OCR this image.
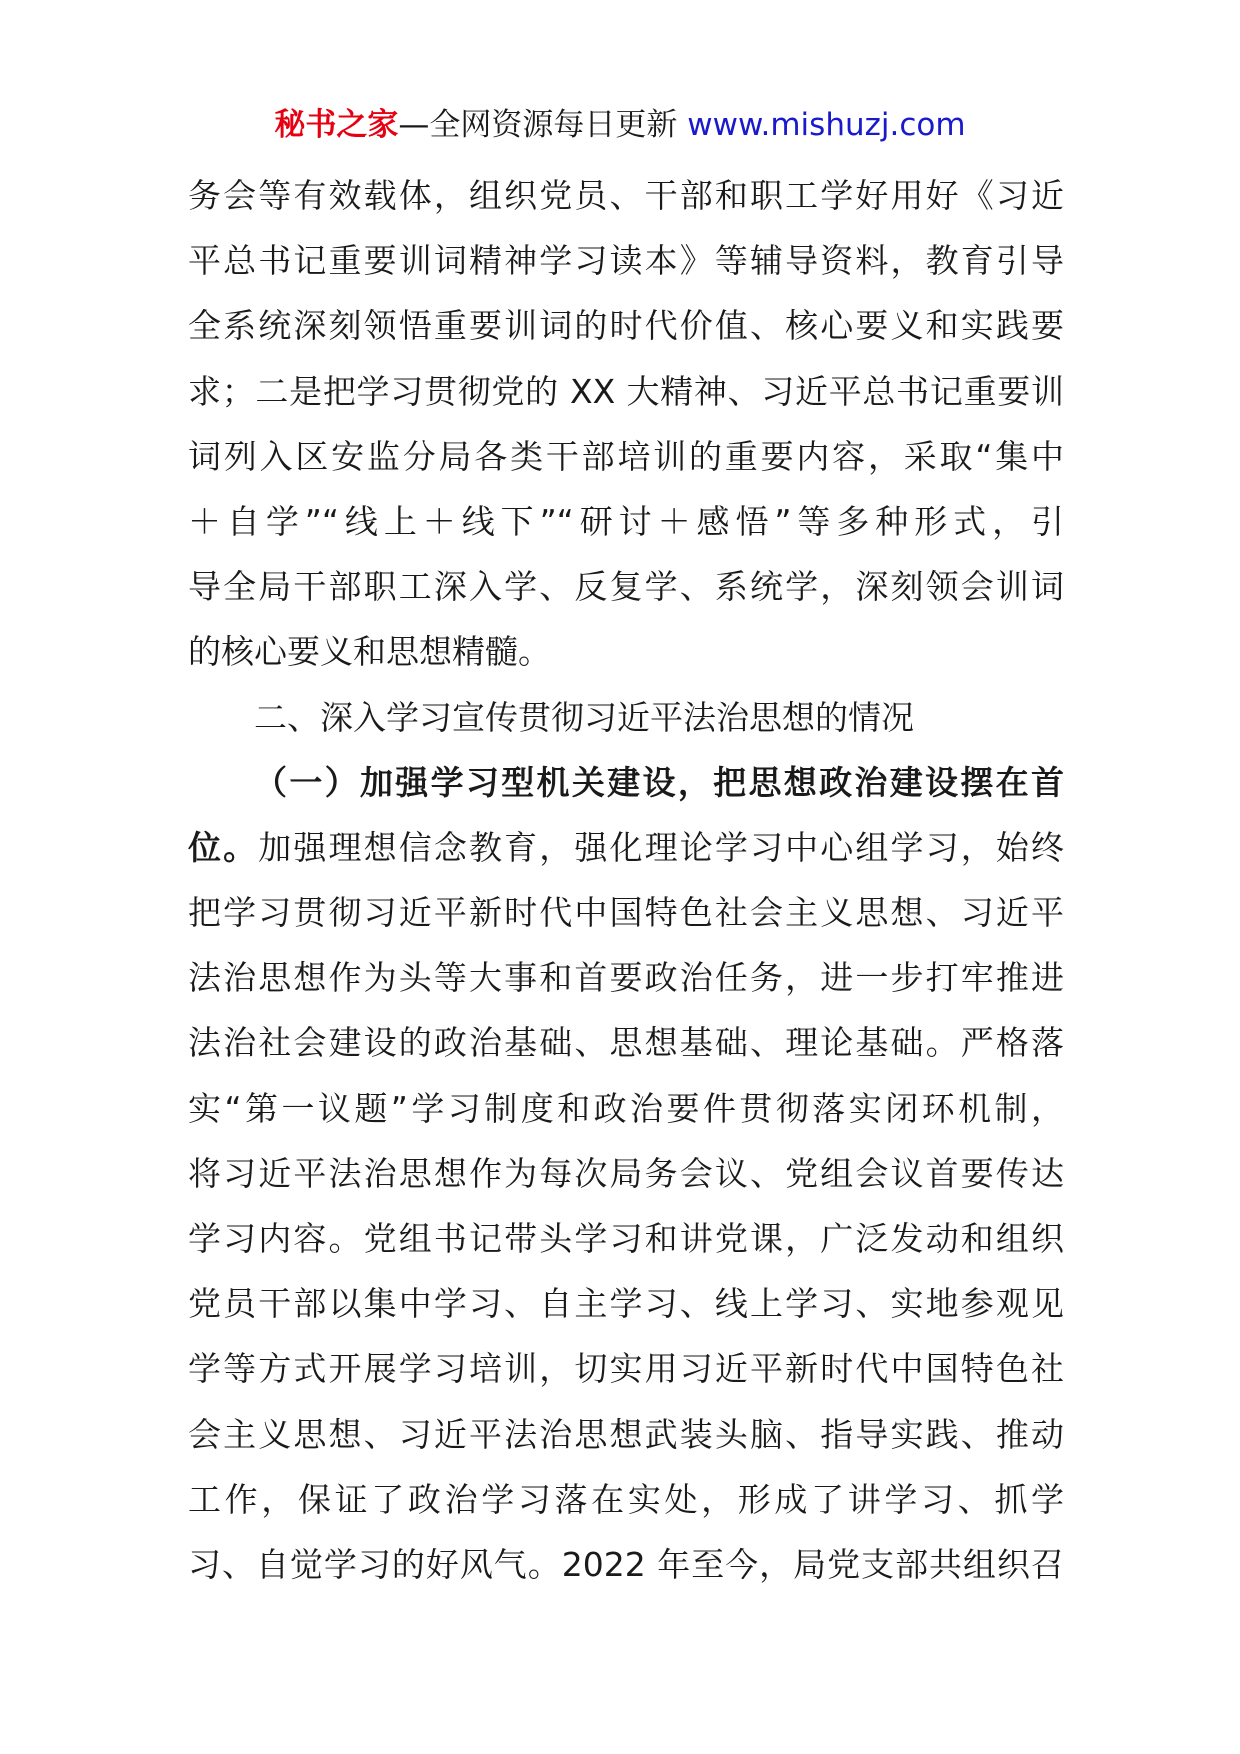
秘书之家—全网资源每日更新 www.mishuzj.com
务会等有效载体，组织党员、干部和职工学好用好《习近
平总书记重要训词精神学习读本》等辅导资料，教育引导
全系统深刻领悟重要训词的时代价值、核心要义和实践要
求；二是把学习贯彻党的 XX 大精神、习近平总书记重要训
词列入区安监分局各类干部培训的重要内容，采取“集中
＋自学”“线上＋线下”“研讨＋感悟”等多种形式，引
导全局干部职工深入学、反复学、系统学，深刻领会训词
的核心要义和思想精髓。
二、深入学习宣传贯彻习近平法治思想的情况
（一）加强学习型机关建设，把思想政治建设摆在首
位。加强理想信念教育，强化理论学习中心组学习，始终
把学习贯彻习近平新时代中国特色社会主义思想、习近平
法治思想作为头等大事和首要政治任务，进一步打牢推进
法治社会建设的政治基础、思想基础、理论基础。严格落
实“第一议题”学习制度和政治要件贯彻落实闭环机制，
将习近平法治思想作为每次局务会议、党组会议首要传达
学习内容。党组书记带头学习和讲党课，广泛发动和组织
党员干部以集中学习、自主学习、线上学习、实地参观见
学等方式开展学习培训，切实用习近平新时代中国特色社
会主义思想、习近平法治思想武装头脑、指导实践、推动
工作，保证了政治学习落在实处，形成了讲学习、抓学
习、自觉学习的好风气。2022 年至今，局党支部共组织召
